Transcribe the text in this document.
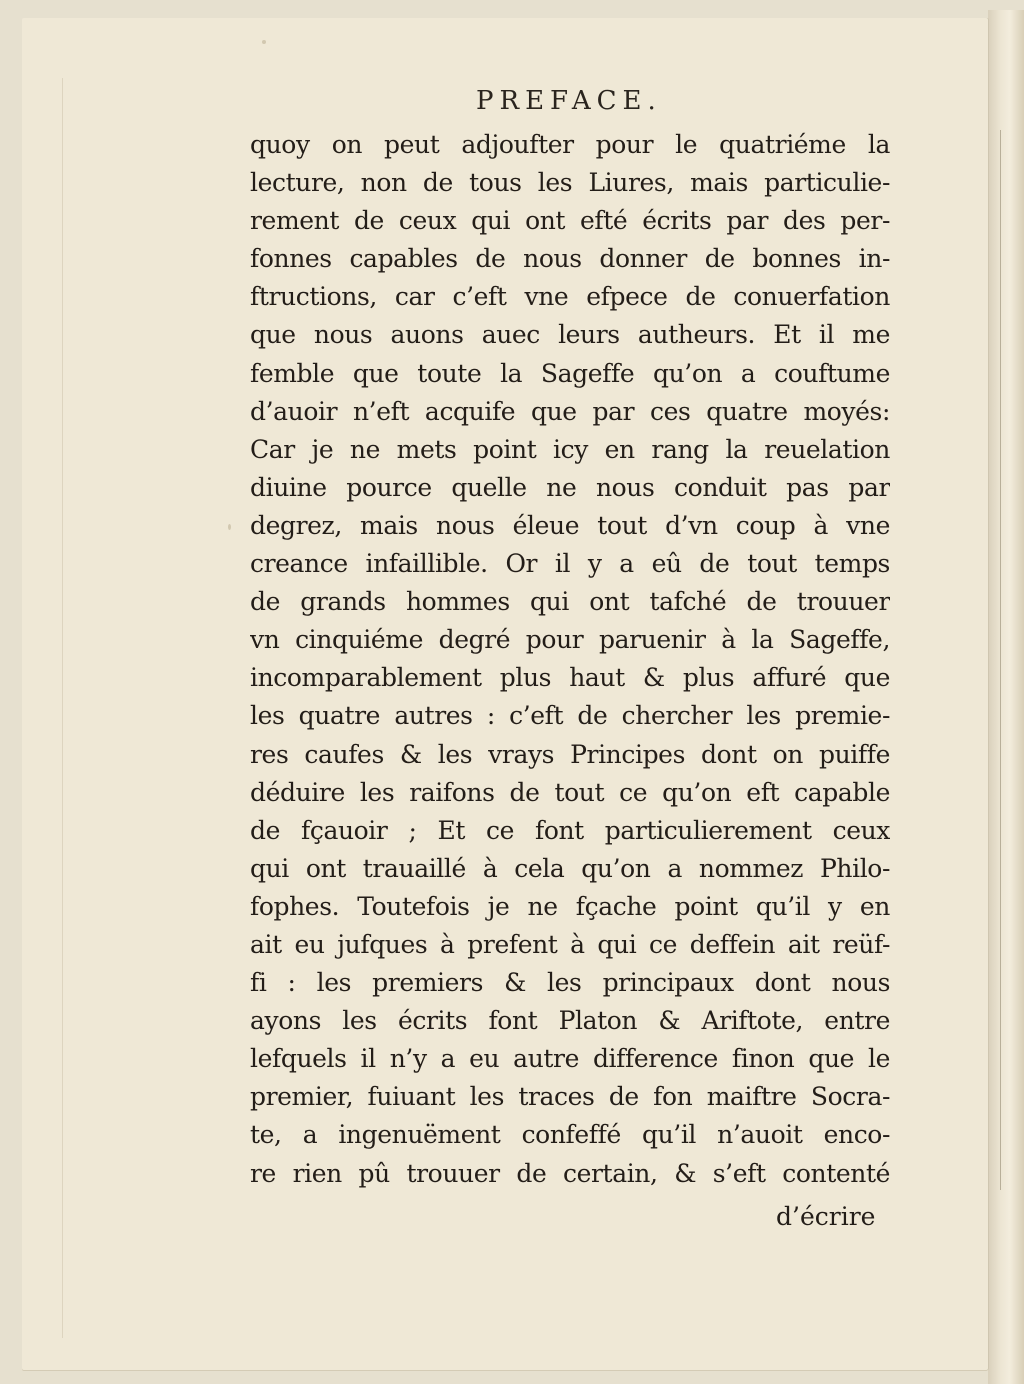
PREFACE.
quoy on peut adjoufter pour le quatriéme la
lecture, non de tous les Liures, mais particulie-
rement de ceux qui ont efté écrits par des per-
fonnes capables de nous donner de bonnes in-
ftructions, car c’eft vne efpece de conuerfation
que nous auons auec leurs autheurs. Et il me
femble que toute la Sageffe qu’on a couftume
d’auoir n’eft acquife que par ces quatre moyés:
Car je ne mets point icy en rang la reuelation
diuine pource quelle ne nous conduit pas par
degrez, mais nous éleue tout d’vn coup à vne
creance infaillible. Or il y a eû de tout temps
de grands hommes qui ont tafché de trouuer
vn cinquiéme degré pour paruenir à la Sageffe,
incomparablement plus haut & plus affuré que
les quatre autres : c’eft de chercher les premie-
res caufes & les vrays Principes dont on puiffe
déduire les raifons de tout ce qu’on eft capable
de fçauoir ; Et ce font particulierement ceux
qui ont trauaillé à cela qu’on a nommez Philo-
fophes. Toutefois je ne fçache point qu’il y en
ait eu jufques à prefent à qui ce deffein ait reüf-
fi : les premiers & les principaux dont nous
ayons les écrits font Platon & Ariftote, entre
lefquels il n’y a eu autre difference finon que le
premier, fuiuant les traces de fon maiftre Socra-
te, a ingenuëment confeffé qu’il n’auoit enco-
re rien pû trouuer de certain, & s’eft contenté
d’écrire
